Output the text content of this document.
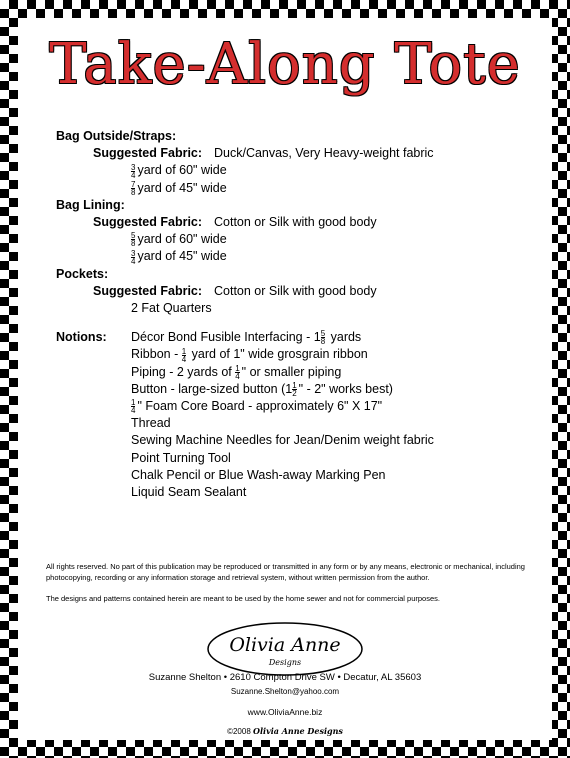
Take-Along Tote
Bag Outside/Straps:
Suggested Fabric: Duck/Canvas, Very Heavy-weight fabric
$\frac{3}{4}$ yard of 60" wide
$\frac{7}{8}$ yard of 45" wide
Bag Lining:
Suggested Fabric: Cotton or Silk with good body
$\frac{5}{8}$ yard of 60" wide
$\frac{3}{4}$ yard of 45" wide
Pockets:
Suggested Fabric: Cotton or Silk with good body
2 Fat Quarters
Notions: Décor Bond Fusible Interfacing - $1 \frac{5}{8}$ yards
Ribbon - $\frac{1}{4}$ yard of 1" wide grosgrain ribbon
Piping - 2 yards of $\frac{1}{4}$ " or smaller piping
Button - large-sized button ($1 \frac{1}{2}$ " - 2" works best)
$\frac{1}{4}$ " Foam Core Board - approximately 6" X 17"
Thread
Sewing Machine Needles for Jean/Denim weight fabric
Point Turning Tool
Chalk Pencil or Blue Wash-away Marking Pen
Liquid Seam Sealant

All rights reserved. No part of this publication may be reproduced or transmitted in any form or by any means, electronic or mechanical, including photocopying, recording or any information storage and retrieval system, without written permission from the author.

The designs and patterns contained herein are meant to be used by the home sewer and not for commercial purposes.

Olivia Anne
Designs
Suzanne Shelton • 2610 Compton Drive SW • Decatur, AL 35603
Suzanne.Shelton@yahoo.com
www.OliviaAnne.biz
©2008 Olivia Anne Designs
